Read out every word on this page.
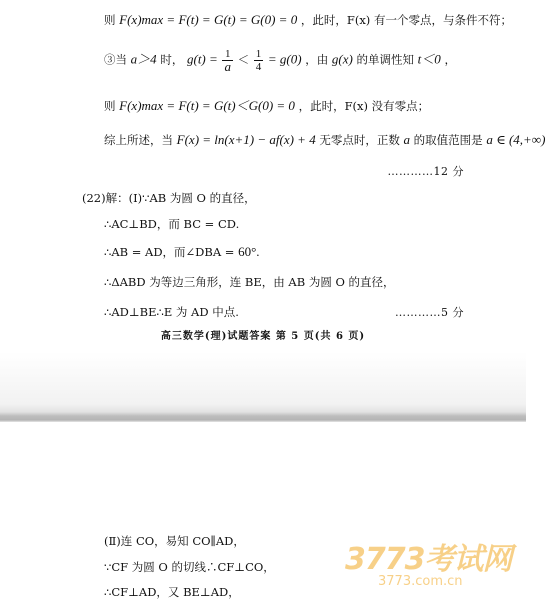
则 F(x)max = F(t) = G(t) = G(0) = 0 ，此时，F(x) 有一个零点，与条件不符；
③当 a＞4 时， $g(t) = \frac{1}{a} < \frac{1}{4} = g(0)$ ，由 g(x) 的单调性知 t＜0 ，
则 F(x)max = F(t) = G(t)＜G(0) = 0 ，此时，F(x) 没有零点；
综上所述，当 F(x) = ln(x+1) − af(x) + 4 无零点时，正数 a 的取值范围是 a ∈ (4,+∞)
…………12 分
(22)解：(Ⅰ)∵AB 为圆 O 的直径，
∴AC⊥BD，而 BC = CD.
∴AB = AD，而∠DBA = 60°.
∴ΔABD 为等边三角形，连 BE，由 AB 为圆 O 的直径，
∴AD⊥BE∴E 为 AD 中点.	…………5 分
高三数学(理)试题答案 第 5 页(共 6 页)
(Ⅱ)连 CO，易知 CO∥AD，
∵CF 为圆 O 的切线∴CF⊥CO，
∴CF⊥AD，又 BE⊥AD，
3773考试网
3773.com.cn
